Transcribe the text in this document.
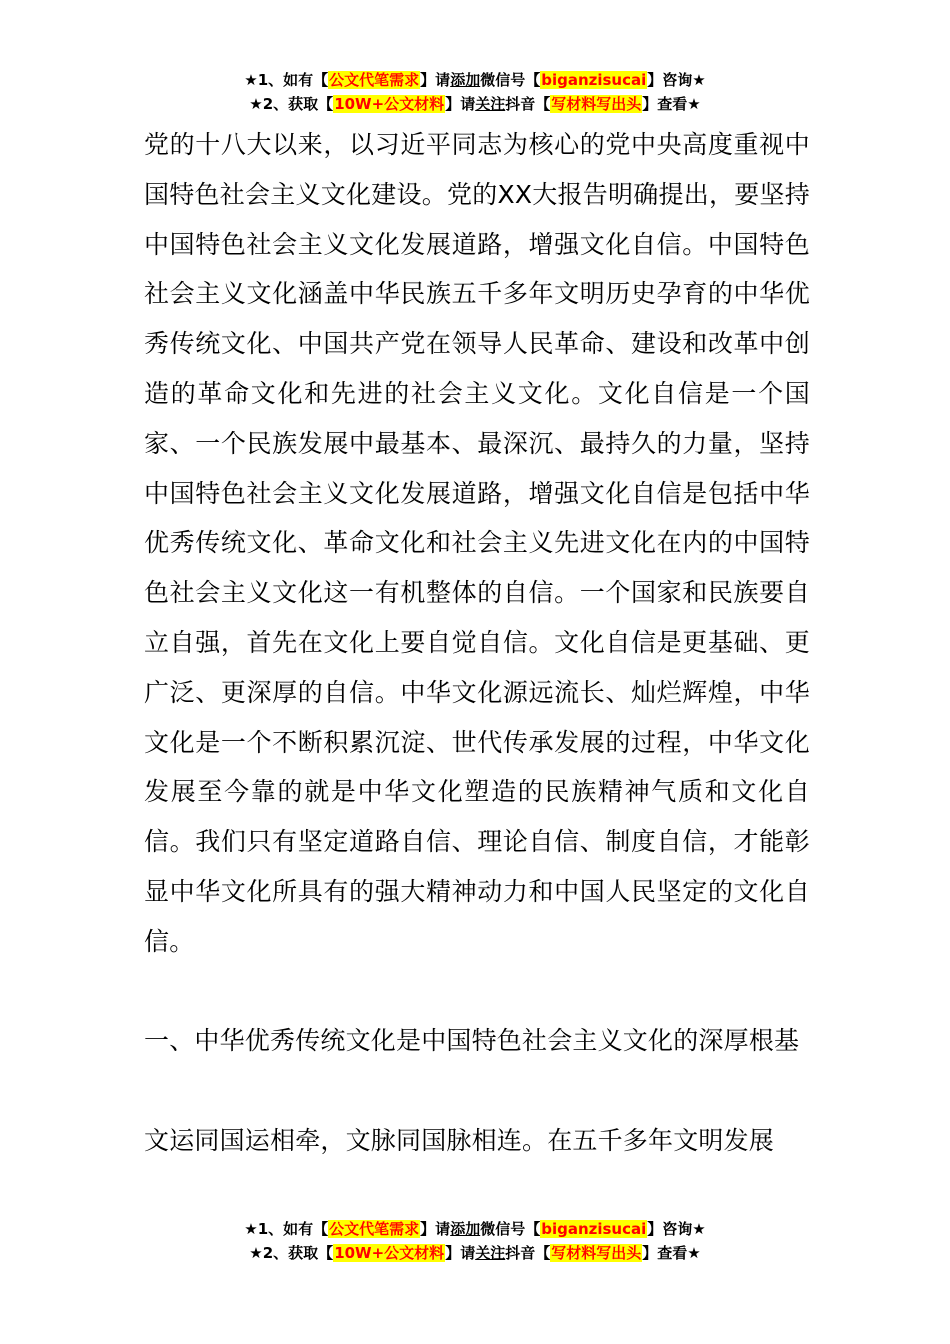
★1、如有【公文代笔需求】请添加微信号【biganzisucai】咨询★
★2、获取【10W+公文材料】请关注抖音【写材料写出头】查看★

党的十八大以来，以习近平同志为核心的党中央高度重视中国特色社会主义文化建设。党的XX大报告明确提出，要坚持中国特色社会主义文化发展道路，增强文化自信。中国特色社会主义文化涵盖中华民族五千多年文明历史孕育的中华优秀传统文化、中国共产党在领导人民革命、建设和改革中创造的革命文化和先进的社会主义文化。文化自信是一个国家、一个民族发展中最基本、最深沉、最持久的力量，坚持中国特色社会主义文化发展道路，增强文化自信是包括中华优秀传统文化、革命文化和社会主义先进文化在内的中国特色社会主义文化这一有机整体的自信。一个国家和民族要自立自强，首先在文化上要自觉自信。文化自信是更基础、更广泛、更深厚的自信。中华文化源远流长、灿烂辉煌，中华文化是一个不断积累沉淀、世代传承发展的过程，中华文化发展至今靠的就是中华文化塑造的民族精神气质和文化自信。我们只有坚定道路自信、理论自信、制度自信，才能彰显中华文化所具有的强大精神动力和中国人民坚定的文化自信。

一、中华优秀传统文化是中国特色社会主义文化的深厚根基

文运同国运相牵，文脉同国脉相连。在五千多年文明发展

★1、如有【公文代笔需求】请添加微信号【biganzisucai】咨询★
★2、获取【10W+公文材料】请关注抖音【写材料写出头】查看★
